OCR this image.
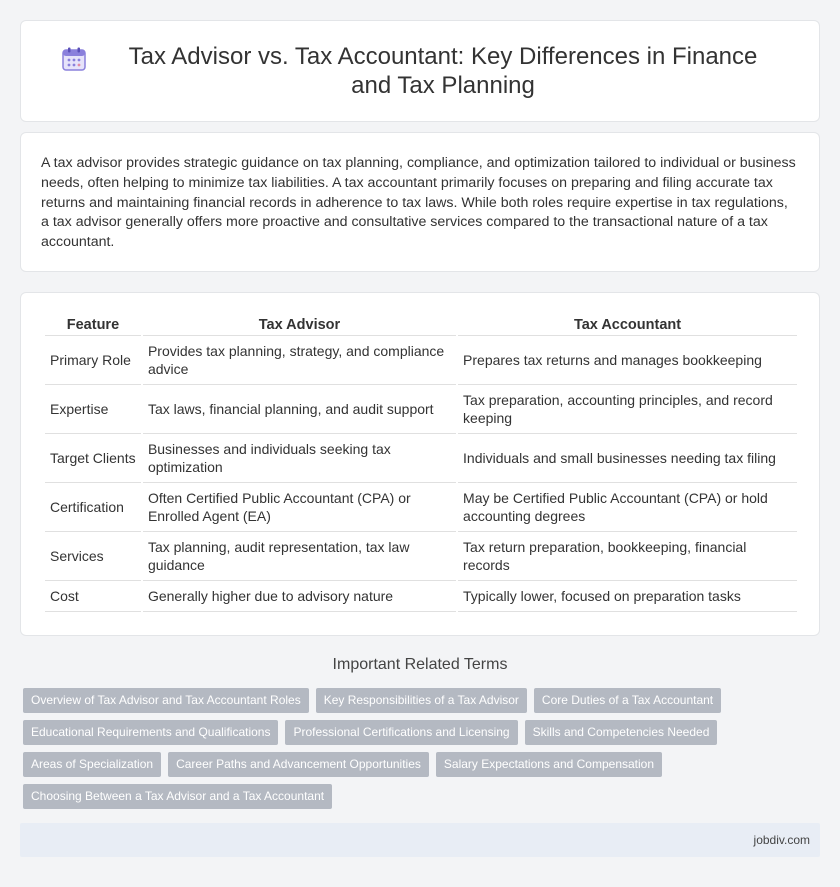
Tax Advisor vs. Tax Accountant: Key Differences in Finance and Tax Planning

A tax advisor provides strategic guidance on tax planning, compliance, and optimization tailored to individual or business needs, often helping to minimize tax liabilities. A tax accountant primarily focuses on preparing and filing accurate tax returns and maintaining financial records in adherence to tax laws. While both roles require expertise in tax regulations, a tax advisor generally offers more proactive and consultative services compared to the transactional nature of a tax accountant.

Feature	Tax Advisor	Tax Accountant
Primary Role	Provides tax planning, strategy, and compliance advice	Prepares tax returns and manages bookkeeping
Expertise	Tax laws, financial planning, and audit support	Tax preparation, accounting principles, and record keeping
Target Clients	Businesses and individuals seeking tax optimization	Individuals and small businesses needing tax filing
Certification	Often Certified Public Accountant (CPA) or Enrolled Agent (EA)	May be Certified Public Accountant (CPA) or hold accounting degrees
Services	Tax planning, audit representation, tax law guidance	Tax return preparation, bookkeeping, financial records
Cost	Generally higher due to advisory nature	Typically lower, focused on preparation tasks
Important Related Terms
Overview of Tax Advisor and Tax Accountant Roles	Key Responsibilities of a Tax Advisor	Core Duties of a Tax Accountant
Educational Requirements and Qualifications	Professional Certifications and Licensing	Skills and Competencies Needed
Areas of Specialization	Career Paths and Advancement Opportunities	Salary Expectations and Compensation
Choosing Between a Tax Advisor and a Tax Accountant
jobdiv.com
